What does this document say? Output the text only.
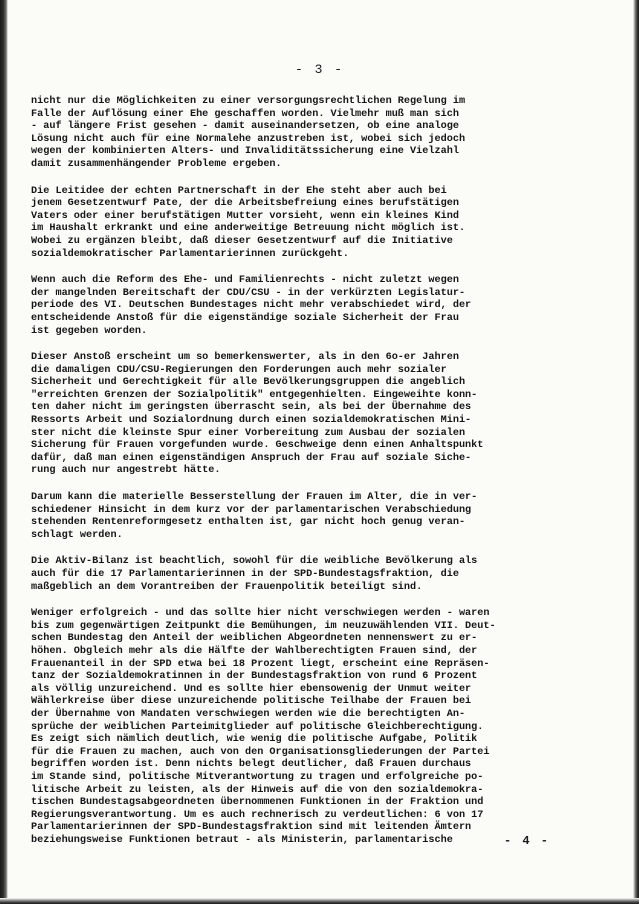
- 3 -
nicht nur die Möglichkeiten zu einer versorgungsrechtlichen Regelung im
Falle der Auflösung einer Ehe geschaffen worden. Vielmehr muß man sich
- auf längere Frist gesehen - damit auseinandersetzen, ob eine analoge
Lösung nicht auch für eine Normalehe anzustreben ist, wobei sich jedoch
wegen der kombinierten Alters- und Invaliditätssicherung eine Vielzahl
damit zusammenhängender Probleme ergeben.
Die Leitidee der echten Partnerschaft in der Ehe steht aber auch bei
jenem Gesetzentwurf Pate, der die Arbeitsbefreiung eines berufstätigen
Vaters oder einer berufstätigen Mutter vorsieht, wenn ein kleines Kind
im Haushalt erkrankt und eine anderweitige Betreuung nicht möglich ist.
Wobei zu ergänzen bleibt, daß dieser Gesetzentwurf auf die Initiative
sozialdemokratischer Parlamentarierinnen zurückgeht.
Wenn auch die Reform des Ehe- und Familienrechts - nicht zuletzt wegen
der mangelnden Bereitschaft der CDU/CSU - in der verkürzten Legislatur-
periode des VI. Deutschen Bundestages nicht mehr verabschiedet wird, der
entscheidende Anstoß für die eigenständige soziale Sicherheit der Frau
ist gegeben worden.
Dieser Anstoß erscheint um so bemerkenswerter, als in den 6o-er Jahren
die damaligen CDU/CSU-Regierungen den Forderungen auch mehr sozialer
Sicherheit und Gerechtigkeit für alle Bevölkerungsgruppen die angeblich
"erreichten Grenzen der Sozialpolitik" entgegenhielten. Eingeweihte konn-
ten daher nicht im geringsten überrascht sein, als bei der Übernahme des
Ressorts Arbeit und Sozialordnung durch einen sozialdemokratischen Mini-
ster nicht die kleinste Spur einer Vorbereitung zum Ausbau der sozialen
Sicherung für Frauen vorgefunden wurde. Geschweige denn einen Anhaltspunkt
dafür, daß man einen eigenständigen Anspruch der Frau auf soziale Siche-
rung auch nur angestrebt hätte.
Darum kann die materielle Besserstellung der Frauen im Alter, die in ver-
schiedener Hinsicht in dem kurz vor der parlamentarischen Verabschiedung
stehenden Rentenreformgesetz enthalten ist, gar nicht hoch genug veran-
schlagt werden.
Die Aktiv-Bilanz ist beachtlich, sowohl für die weibliche Bevölkerung als
auch für die 17 Parlamentarierinnen in der SPD-Bundestagsfraktion, die
maßgeblich an dem Vorantreiben der Frauenpolitik beteiligt sind.
Weniger erfolgreich - und das sollte hier nicht verschwiegen werden - waren
bis zum gegenwärtigen Zeitpunkt die Bemühungen, im neuzuwählenden VII. Deut-
schen Bundestag den Anteil der weiblichen Abgeordneten nennenswert zu er-
höhen. Obgleich mehr als die Hälfte der Wahlberechtigten Frauen sind, der
Frauenanteil in der SPD etwa bei 18 Prozent liegt, erscheint eine Repräsen-
tanz der Sozialdemokratinnen in der Bundestagsfraktion von rund 6 Prozent
als völlig unzureichend. Und es sollte hier ebensowenig der Unmut weiter
Wählerkreise über diese unzureichende politische Teilhabe der Frauen bei
der Übernahme von Mandaten verschwiegen werden wie die berechtigten An-
sprüche der weiblichen Parteimitglieder auf politische Gleichberechtigung.
Es zeigt sich nämlich deutlich, wie wenig die politische Aufgabe, Politik
für die Frauen zu machen, auch von den Organisationsgliederungen der Partei
begriffen worden ist. Denn nichts belegt deutlicher, daß Frauen durchaus
im Stande sind, politische Mitverantwortung zu tragen und erfolgreiche po-
litische Arbeit zu leisten, als der Hinweis auf die von den sozialdemokra-
tischen Bundestagsabgeordneten übernommenen Funktionen in der Fraktion und
Regierungsverantwortung. Um es auch rechnerisch zu verdeutlichen: 6 von 17
Parlamentarierinnen der SPD-Bundestagsfraktion sind mit leitenden Ämtern
beziehungsweise Funktionen betraut - als Ministerin, parlamentarische	- 4 -
